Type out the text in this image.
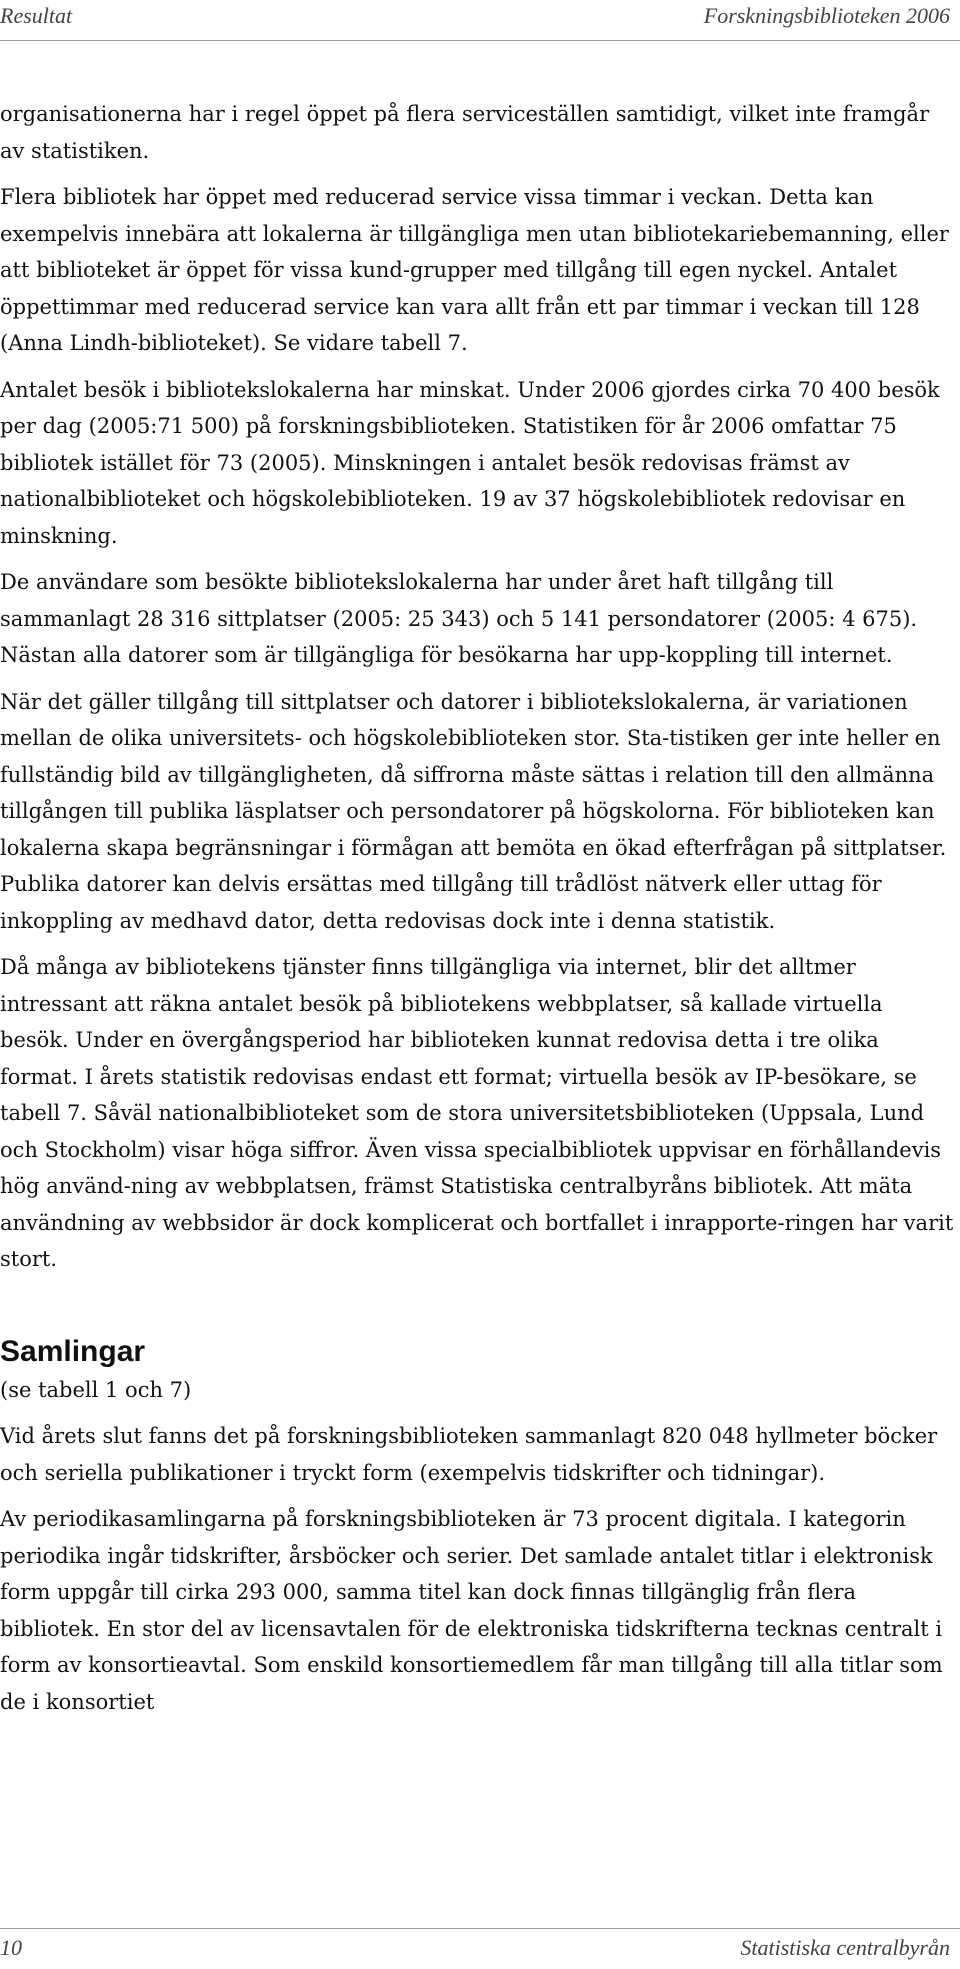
Resultat	Forskningsbiblioteken 2006

organisationerna har i regel öppet på flera serviceställen samtidigt, vilket inte framgår av statistiken.

Flera bibliotek har öppet med reducerad service vissa timmar i veckan. Detta kan exempelvis innebära att lokalerna är tillgängliga men utan bibliotekariebemanning, eller att biblioteket är öppet för vissa kund-grupper med tillgång till egen nyckel. Antalet öppettimmar med reducerad service kan vara allt från ett par timmar i veckan till 128 (Anna Lindh-biblioteket). Se vidare tabell 7.

Antalet besök i bibliotekslokalerna har minskat. Under 2006 gjordes cirka 70 400 besök per dag (2005:71 500) på forskningsbiblioteken. Statistiken för år 2006 omfattar 75 bibliotek istället för 73 (2005). Minskningen i antalet besök redovisas främst av nationalbiblioteket och högskolebiblioteken. 19 av 37 högskolebibliotek redovisar en minskning.

De användare som besökte bibliotekslokalerna har under året haft tillgång till sammanlagt 28 316 sittplatser (2005: 25 343) och 5 141 persondatorer (2005: 4 675). Nästan alla datorer som är tillgängliga för besökarna har upp-koppling till internet.

När det gäller tillgång till sittplatser och datorer i bibliotekslokalerna, är variationen mellan de olika universitets- och högskolebiblioteken stor. Sta-tistiken ger inte heller en fullständig bild av tillgängligheten, då siffrorna måste sättas i relation till den allmänna tillgången till publika läsplatser och persondatorer på högskolorna. För biblioteken kan lokalerna skapa begränsningar i förmågan att bemöta en ökad efterfrågan på sittplatser. Publika datorer kan delvis ersättas med tillgång till trådlöst nätverk eller uttag för inkoppling av medhavd dator, detta redovisas dock inte i denna statistik.

Då många av bibliotekens tjänster finns tillgängliga via internet, blir det alltmer intressant att räkna antalet besök på bibliotekens webbplatser, så kallade virtuella besök. Under en övergångsperiod har biblioteken kunnat redovisa detta i tre olika format. I årets statistik redovisas endast ett format; virtuella besök av IP-besökare, se tabell 7. Såväl nationalbiblioteket som de stora universitetsbiblioteken (Uppsala, Lund och Stockholm) visar höga siffror. Även vissa specialbibliotek uppvisar en förhållandevis hög använd-ning av webbplatsen, främst Statistiska centralbyråns bibliotek. Att mäta användning av webbsidor är dock komplicerat och bortfallet i inrapporte-ringen har varit stort.

Samlingar

(se tabell 1 och 7)

Vid årets slut fanns det på forskningsbiblioteken sammanlagt 820 048 hyllmeter böcker och seriella publikationer i tryckt form (exempelvis tidskrifter och tidningar).

Av periodikasamlingarna på forskningsbiblioteken är 73 procent digitala. I kategorin periodika ingår tidskrifter, årsböcker och serier. Det samlade antalet titlar i elektronisk form uppgår till cirka 293 000, samma titel kan dock finnas tillgänglig från flera bibliotek. En stor del av licensavtalen för de elektroniska tidskrifterna tecknas centralt i form av konsortieavtal. Som enskild konsortiemedlem får man tillgång till alla titlar som de i konsortiet

10	Statistiska centralbyrån
